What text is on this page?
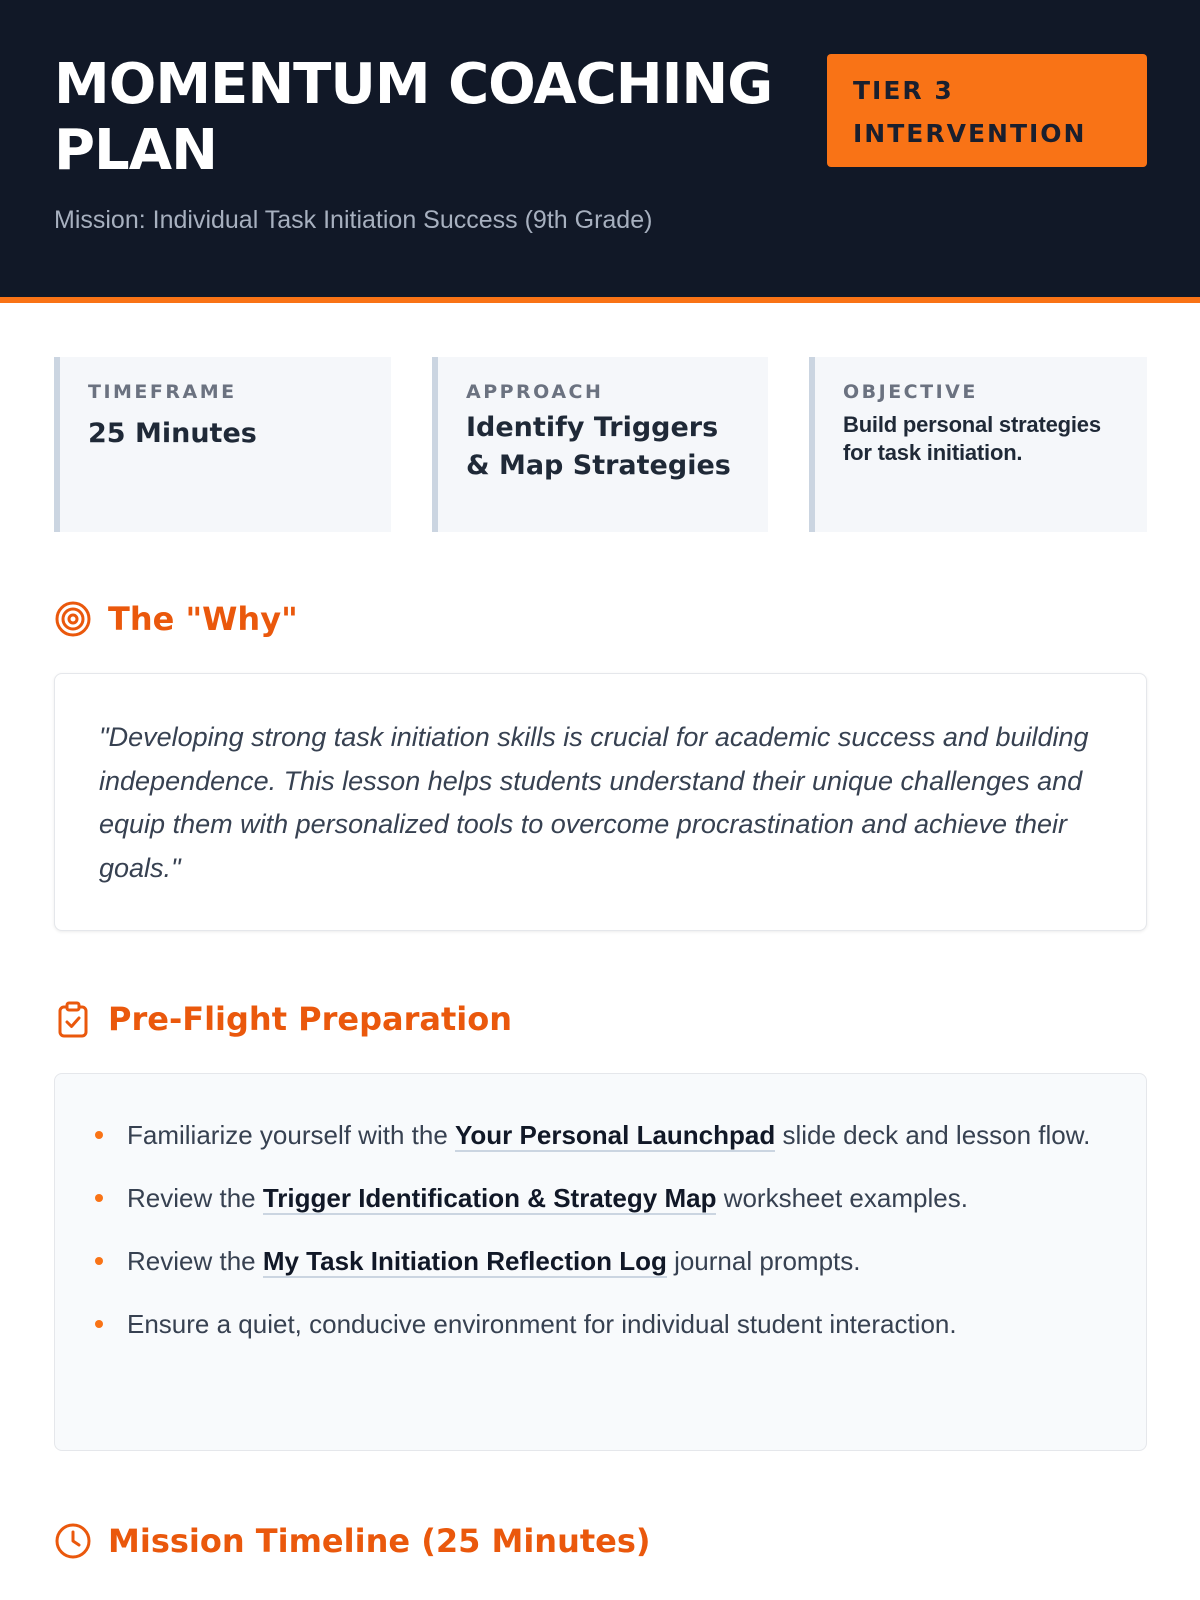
MOMENTUM COACHING PLAN
Mission: Individual Task Initiation Success (9th Grade)
TIER 3 INTERVENTION
TIMEFRAME
25 Minutes
APPROACH
Identify Triggers & Map Strategies
OBJECTIVE
Build personal strategies for task initiation.
The "Why"
"Developing strong task initiation skills is crucial for academic success and building independence. This lesson helps students understand their unique challenges and equip them with personalized tools to overcome procrastination and achieve their goals."
Pre-Flight Preparation
Familiarize yourself with the Your Personal Launchpad slide deck and lesson flow.
Review the Trigger Identification & Strategy Map worksheet examples.
Review the My Task Initiation Reflection Log journal prompts.
Ensure a quiet, conducive environment for individual student interaction.
Mission Timeline (25 Minutes)
